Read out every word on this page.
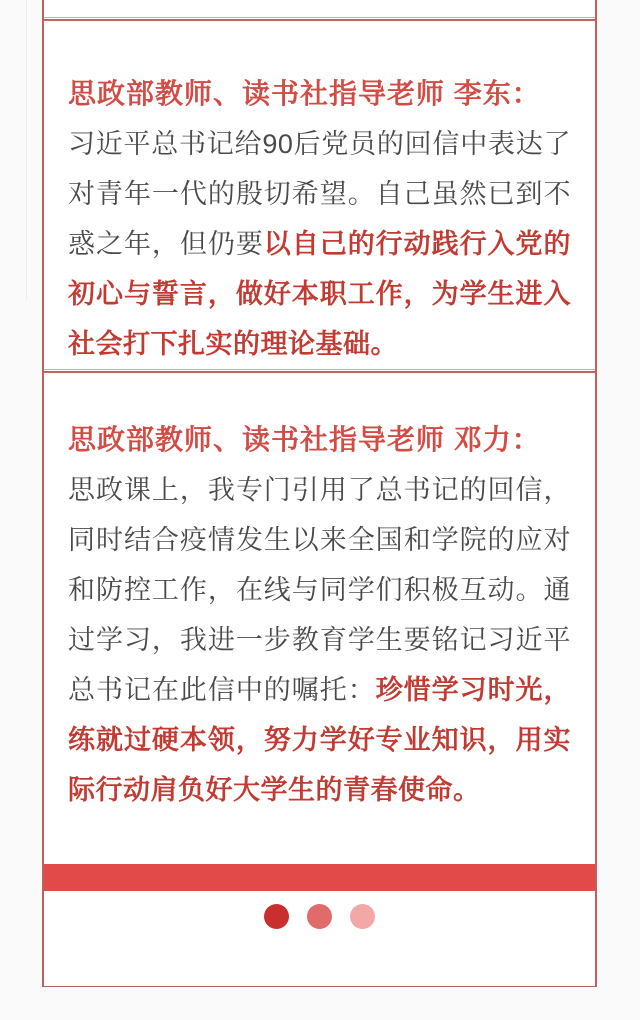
思政部教师、读书社指导老师 李东：

习近平总书记给90后党员的回信中表达了对青年一代的殷切希望。自己虽然已到不惑之年，但仍要以自己的行动践行入党的初心与誓言，做好本职工作，为学生进入社会打下扎实的理论基础。

思政部教师、读书社指导老师 邓力：

思政课上，我专门引用了总书记的回信，同时结合疫情发生以来全国和学院的应对和防控工作，在线与同学们积极互动。通过学习，我进一步教育学生要铭记习近平总书记在此信中的嘱托：珍惜学习时光，练就过硬本领，努力学好专业知识，用实际行动肩负好大学生的青春使命。
